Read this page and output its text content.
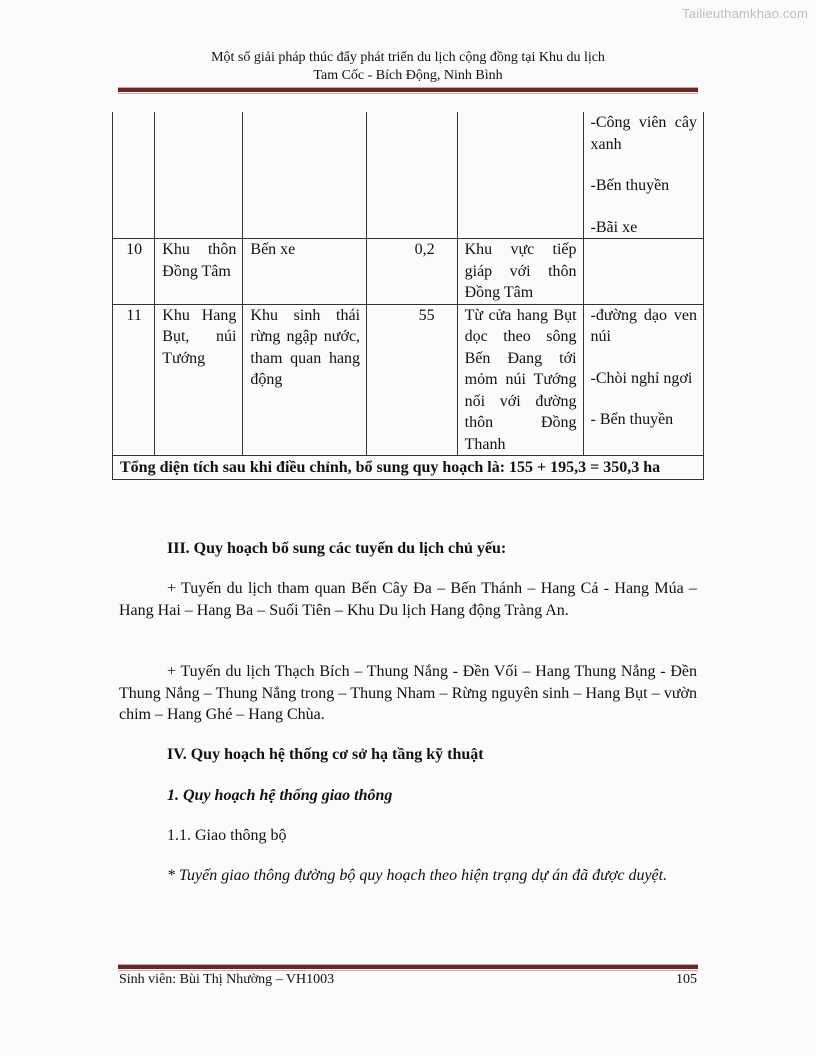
Tailieuthamkhao.com
Một số giải pháp thúc đẩy phát triển du lịch cộng đồng tại Khu du lịch
Tam Cốc - Bích Động, Ninh Bình

					-Công viên cây xanh
-Bến thuyền
-Bãi xe

10	Khu thôn Đồng Tâm	Bến xe	0,2	Khu vực tiếp giáp với thôn Đồng Tâm	
11	Khu Hang Bụt, núi Tướng	Khu sinh thái rừng ngập nước, tham quan hang động	55	Từ cửa hang Bụt dọc theo sông Bến Đang tới mỏm núi Tướng nối với đường thôn Đồng Thanh	-đường dạo ven núi
-Chòi nghỉ ngơi
- Bến thuyền

Tổng diện tích sau khi điều chỉnh, bổ sung quy hoạch là: 155 + 195,3 = 350,3 ha					
III. Quy hoạch bổ sung các tuyến du lịch chủ yếu:
+ Tuyến du lịch tham quan Bến Cây Đa – Bến Thánh – Hang Cả - Hang Múa – Hang Hai – Hang Ba – Suối Tiên – Khu Du lịch Hang động Tràng An.
+ Tuyến du lịch Thạch Bích – Thung Nắng - Đền Vối – Hang Thung Nắng - Đền Thung Nắng – Thung Nắng trong – Thung Nham – Rừng nguyên sinh – Hang Bụt – vườn chim – Hang Ghé – Hang Chùa.
IV. Quy hoạch hệ thống cơ sở hạ tầng kỹ thuật
1. Quy hoạch hệ thống giao thông
1.1. Giao thông bộ
* Tuyến giao thông đường bộ quy hoạch theo hiện trạng dự án đã được duyệt.
Sinh viên: Bùi Thị Nhường – VH1003	105
